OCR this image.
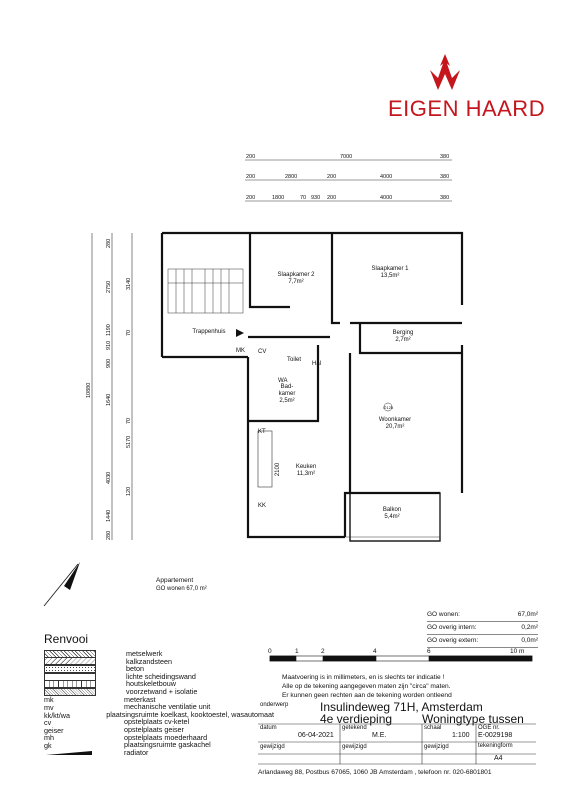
EIGEN HAARD
200	7000	380
200	2800	200	4000	380
200	1800	70 930 200	4000	380
10880
280
2750
1190
910
900
1640
4030
1440
280
3140
70
70
5170
120
Slaapkamer 2
7,7m²
Slaapkamer 1
13,5m²
Trappenhuis	Berging
2,7m²
Toilet
Hal
Bad-
kamer
2,5m²
Woonkamer
20,7m²
Keuken
11,3m²
Balkon
5,4m²
MK CV
WA
KT
KK
2100
∅125
Appartement
GO wonen 67,0 m²
GO wonen:	67,0m²
GO overig intern:	0,2m²
GO overig extern:	0,0m²
Renvooi
metselwerk
kalkzandsteen
beton
lichte scheidingswand
houtskeletbouw
voorzetwand + isolatie
mk	meterkast
mv	mechanische ventilatie unit
kk/kt/wa	plaatsingsruimte koelkast, kooktoestel, wasautomaat
cv	opstelplaats cv-ketel
geiser	opstelplaats geiser
mh	opstelplaats moederhaard
gk	plaatsingsruimte gaskachel
radiator
0	1	2	4	6	10 m
Maatvoering is in millimeters, en is slechts ter indicatie !
Alle op de tekening aangegeven maten zijn "circa" maten.
Er kunnen geen rechten aan de tekening worden ontleend
onderwerp	Insulindeweg 71H, Amsterdam
4e verdieping Woningtype tussen
datum
06-04-2021
getekend
M.E.
schaal
1:100
OGE nr.
E-0029198
gewijzigd	gewijzigd	gewijzigd	tekeningform
A4
Arlandaweg 88, Postbus 67065, 1060 JB Amsterdam , telefoon nr. 020-6801801
